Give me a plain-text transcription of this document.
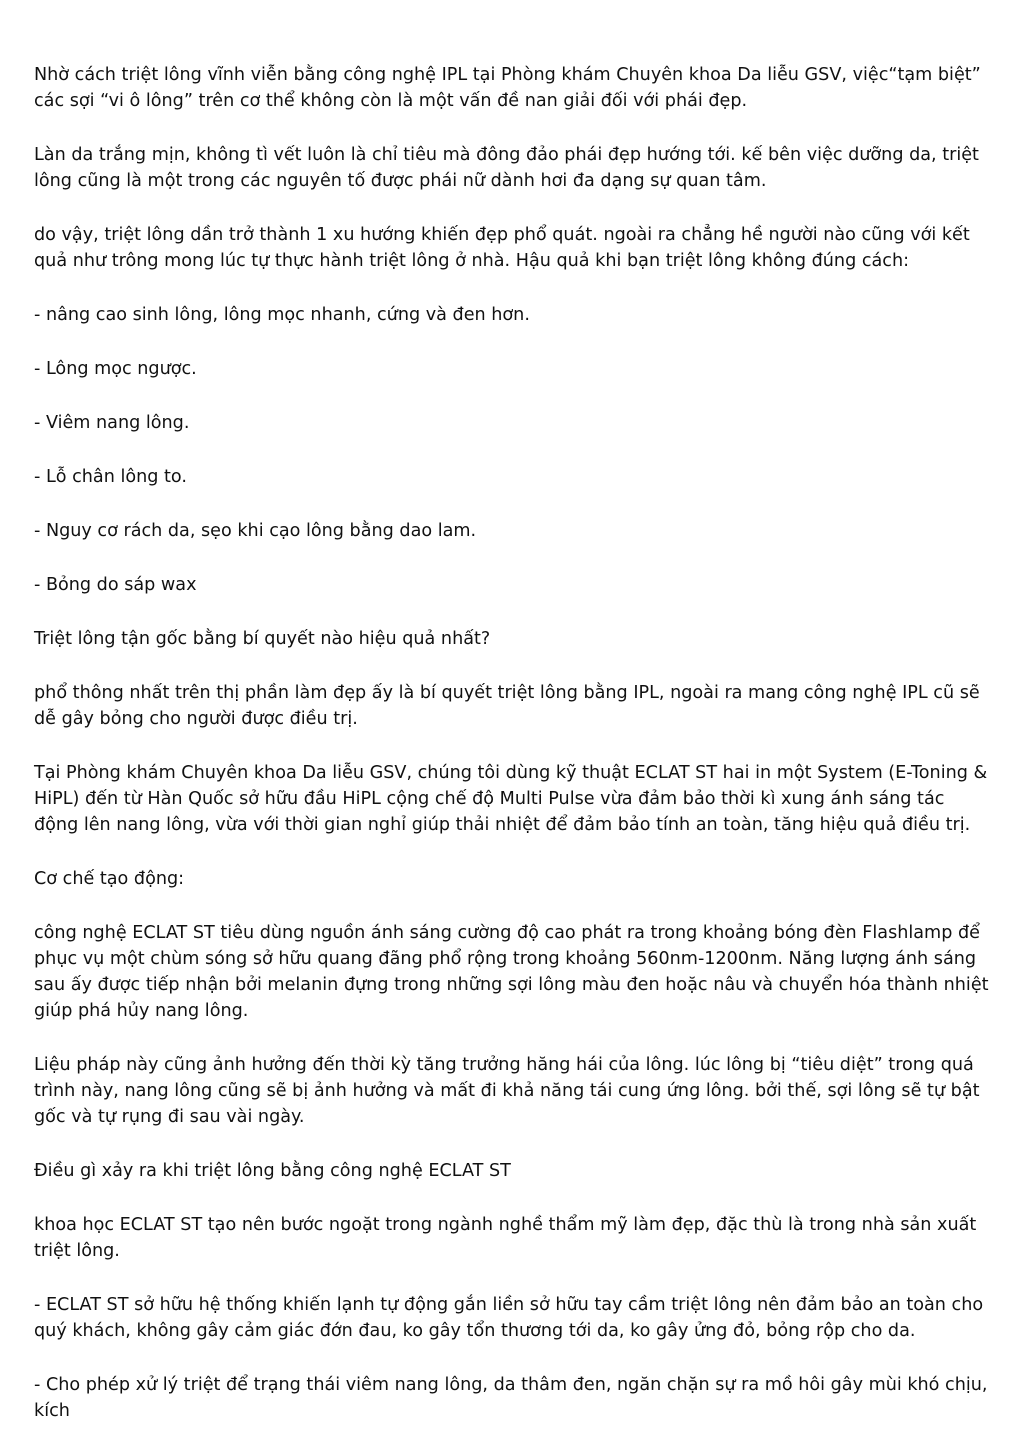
Nhờ cách triệt lông vĩnh viễn bằng công nghệ IPL tại Phòng khám Chuyên khoa Da liễu GSV, việc“tạm biệt” các sợi “vi ô lông” trên cơ thể không còn là một vấn đề nan giải đối với phái đẹp.

Làn da trắng mịn, không tì vết luôn là chỉ tiêu mà đông đảo phái đẹp hướng tới. kế bên việc dưỡng da, triệt lông cũng là một trong các nguyên tố được phái nữ dành hơi đa dạng sự quan tâm.

do vậy, triệt lông dần trở thành 1 xu hướng khiến đẹp phổ quát. ngoài ra chẳng hề người nào cũng với kết quả như trông mong lúc tự thực hành triệt lông ở nhà. Hậu quả khi bạn triệt lông không đúng cách:

- nâng cao sinh lông, lông mọc nhanh, cứng và đen hơn.

- Lông mọc ngược.

- Viêm nang lông.

- Lỗ chân lông to.

- Nguy cơ rách da, sẹo khi cạo lông bằng dao lam.

- Bỏng do sáp wax

Triệt lông tận gốc bằng bí quyết nào hiệu quả nhất?

phổ thông nhất trên thị phần làm đẹp ấy là bí quyết triệt lông bằng IPL, ngoài ra mang công nghệ IPL cũ sẽ dễ gây bỏng cho người được điều trị.

Tại Phòng khám Chuyên khoa Da liễu GSV, chúng tôi dùng kỹ thuật ECLAT ST hai in một System (E-Toning & HiPL) đến từ Hàn Quốc sở hữu đầu HiPL cộng chế độ Multi Pulse vừa đảm bảo thời kì xung ánh sáng tác động lên nang lông, vừa với thời gian nghỉ giúp thải nhiệt để đảm bảo tính an toàn, tăng hiệu quả điều trị.

Cơ chế tạo động:

công nghệ ECLAT ST tiêu dùng nguồn ánh sáng cường độ cao phát ra trong khoảng bóng đèn Flashlamp để phục vụ một chùm sóng sở hữu quang đãng phổ rộng trong khoảng 560nm-1200nm. Năng lượng ánh sáng sau ấy được tiếp nhận bởi melanin đựng trong những sợi lông màu đen hoặc nâu và chuyển hóa thành nhiệt giúp phá hủy nang lông.

Liệu pháp này cũng ảnh hưởng đến thời kỳ tăng trưởng hăng hái của lông. lúc lông bị “tiêu diệt” trong quá trình này, nang lông cũng sẽ bị ảnh hưởng và mất đi khả năng tái cung ứng lông. bởi thế, sợi lông sẽ tự bật gốc và tự rụng đi sau vài ngày.

Điều gì xảy ra khi triệt lông bằng công nghệ ECLAT ST

khoa học ECLAT ST tạo nên bước ngoặt trong ngành nghề thẩm mỹ làm đẹp, đặc thù là trong nhà sản xuất triệt lông.

- ECLAT ST sở hữu hệ thống khiến lạnh tự động gắn liền sở hữu tay cầm triệt lông nên đảm bảo an toàn cho quý khách, không gây cảm giác đớn đau, ko gây tổn thương tới da, ko gây ửng đỏ, bỏng rộp cho da.

- Cho phép xử lý triệt để trạng thái viêm nang lông, da thâm đen, ngăn chặn sự ra mồ hôi gây mùi khó chịu, kích
